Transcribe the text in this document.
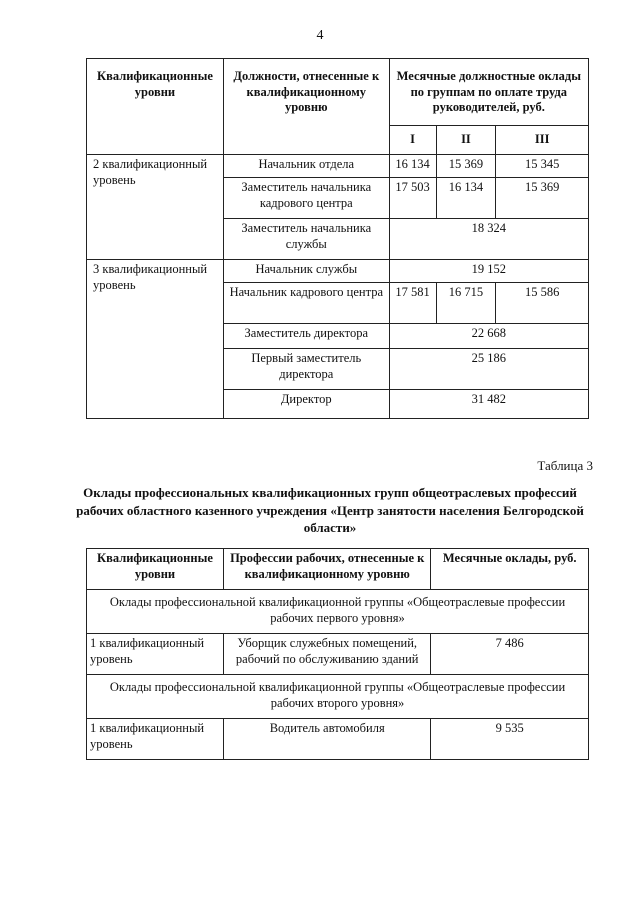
4
Квалификационные уровни	Должности, отнесенные к квалификационному уровню	Месячные должностные оклады по группам по оплате труда руководителей, руб.		
		I	II	III
2 квалификационный уровень	Начальник отдела	16 134	15 369	15 345
	Заместитель начальника кадрового центра	17 503	16 134	15 369
	Заместитель начальника службы	18 324		
3 квалификационный уровень	Начальник службы	19 152		
	Начальник кадрового центра	17 581	16 715	15 586
	Заместитель директора	22 668		
	Первый заместитель директора	25 186		
	Директор	31 482		
Таблица 3
Оклады профессиональных квалификационных групп общеотраслевых профессий рабочих областного казенного учреждения «Центр занятости населения Белгородской области»
Квалификационные уровни	Профессии рабочих, отнесенные к квалификационному уровню	Месячные оклады, руб.
Оклады профессиональной квалификационной группы «Общеотраслевые профессии рабочих первого уровня»		
1 квалификационный уровень	Уборщик служебных помещений, рабочий по обслуживанию зданий	7 486
Оклады профессиональной квалификационной группы «Общеотраслевые профессии рабочих второго уровня»		
1 квалификационный уровень	Водитель автомобиля	9 535
